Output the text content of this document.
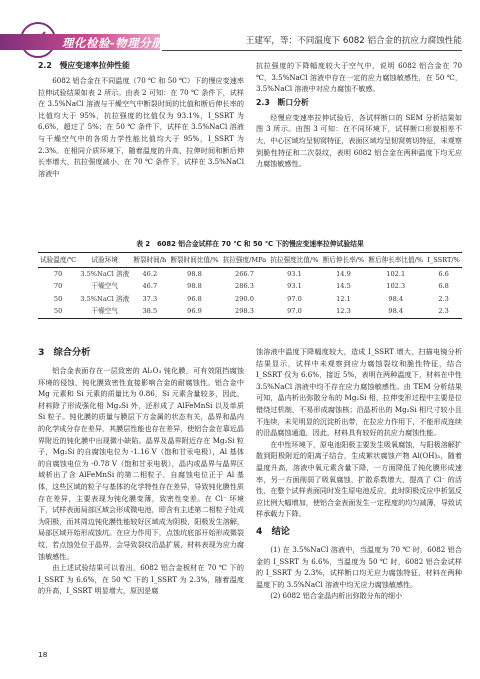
理化检验-物理分册	王建军，等：不同温度下 6082 铝合金的抗应力腐蚀性能
2.2　慢应变速率拉伸性能

6082 铝合金在不同温度（70 ℃ 和 50 ℃）下的慢应变速率拉伸试验结果如表 2 所示。由表 2 可知：在 70 ℃ 条件下，试样在 3.5%NaCl 溶液与干燥空气中断裂时间的比值和断后伸长率的比值均大于 95%，抗拉强度的比值仅为 93.1%，I_SSRT 为 6.6%，超过了 5%；在 50 ℃ 条件下，试样在 3.5%NaCl 溶液与干燥空气中的各项力学性能比值均大于 95%，I_SSRT 为 2.3%。在相同介质环境下，随着温度的升高，拉伸时间和断后伸长率增大，抗拉强度减小，在 70 ℃ 条件下，试样在 3.5%NaCl 溶液中

抗拉强度的下降幅度较大于空气中，说明 6082 铝合金在 70 ℃，3.5%NaCl 溶液中存在一定的应力腐蚀敏感性，在 50 ℃，3.5%NaCl 溶液中对应力腐蚀不敏感。

2.3　断口分析

经慢应变速率拉伸试验后，各试样断口的 SEM 分析结果如图 3 所示。由图 3 可知：在不同环境下，试样断口形貌相差不大，中心区域均呈韧窝特征，表面区域均呈韧窝剪切特征，未观察到脆性特征和二次裂纹，表明 6082 铝合金在两种温度下均无应力腐蚀敏感性。

表 2　6082 铝合金试样在 70 ℃ 和 50 ℃ 下的慢应变速率拉伸试验结果
试验温度/℃	试验环境	断裂时间/h	断裂时间比值/%	抗拉强度/MPa	抗拉强度比值/%	断后伸长率/%	断后伸长率比值/%	I_SSRT/%
70	3.5%NaCl 溶液	46.2	98.8	266.7	93.1	14.9	102.1	6.6
70	干燥空气	46.7	98.8	286.3	93.1	14.5	102.3	6.8
50	3.5%NaCl 溶液	37.3	96.8	290.0	97.0	12.1	98.4	2.3
50	干燥空气	38.5	96.9	298.3	97.0	12.3	98.4	2.3
3　综合分析

铝合金表面存在一层致密的 Al₂O₃ 钝化膜，可有效阻挡腐蚀环境的侵蚀，钝化膜致密性直接影响合金的耐腐蚀性。铝合金中 Mg 元素和 Si 元素的质量比为 0.86，Si 元素含量较多，因此，材料除了形成强化相 Mg₂Si 外，还形成了 AlFeMnSi 以及单质 Si 粒子。钝化膜的质量与膜层下方金属的状态有关，晶界和晶内的化学成分存在差异，其膜层性能也存在差异，使铝合金在靠近晶界附近的钝化膜中出现微小缺陷。晶界及晶界附近存在 Mg₂Si 粒子，Mg₂Si 的自腐蚀电位为 -1.16 V（饱和甘汞电极），Al 基体的自腐蚀电位为 -0.78 V（饱和甘汞电极），晶内或晶界与晶界区域析出了含 AlFeMnSi 的第二相粒子，自腐蚀电位正于 Al 基体，这些区域的粒子与基体的化学特性存在差异，导致钝化膜性质存在差异，主要表现为钝化膜变薄，致密性变差。在 Cl⁻ 环境下，试样表面局部区域会形成微电池，即含有主述第二相粒子处成为阳极，而其周边钝化膜性能较好区域成为阴极，阳极发生溶解，局部区域开始形成蚀坑。在应力作用下，点蚀坑底部开始形成微裂纹，若点蚀处位于晶界，会导致裂纹沿晶扩展，材料表现为应力腐蚀敏感性。

由上述试验结果可以看出，6082 铝合金板材在 70 ℃ 下的 I_SSRT 为 6.6%，在 50 ℃ 下的 I_SSRT 为 2.3%，随着温度的升高，I_SSRT 明显增大，原因是腐

蚀溶液中温度下降幅度较大，造成 I_SSRT 增大，扫描电镜分析结果显示，试样中未观察到应力腐蚀裂纹和脆性特征，结合 I_SSRT 仅为 6.6%，接近 5%，表明在两种温度下，材料在中性 3.5%NaCl 溶液中均不存在应力腐蚀敏感性。由 TEM 分析结果可知，晶内析出弥散分布的 Mg₂Si 相，拉伸变形过程中主要是位错绕过机制，不易形成腐蚀核；沿晶析出的 Mg₂Si 相尺寸较小且不连续，未见明显的沉淀析出带，在拉应力作用下，不能形成连续的沿晶腐蚀通道，因此，材料具有较好的抗应力腐蚀性能。

在中性环境下，原电池阳极主要发生吸氧腐蚀，与阳极溶解扩散到阳极附近的阳离子结合，生成絮状腐蚀产物 Al(OH)₃，随着温度升高，溶液中氧元素含量下降，一方面降低了钝化膜形成速率，另一方面削弱了吸氧腐蚀，扩散系数增大，提高了 Cl⁻ 的活性，在整个试样表面同时发生原电池反应，此时阴极反应中析氢反应比例大幅增加，使铝合金表面发生一定程度的均匀减薄，导致试样承载力下降。

4　结论

(1) 在 3.5%NaCl 溶液中，当温度为 70 ℃ 时，6082 铝合金的 I_SSRT 为 6.6%，当温度为 50 ℃ 时，6082 铝合金试样的 I_SSRT 为 2.3%，试样断口均无应力腐蚀特征，材料在两种温度下的 3.5%NaCl 溶液中均无应力腐蚀敏感性。

(2) 6082 铝合金晶内析出弥散分布的细小

18
